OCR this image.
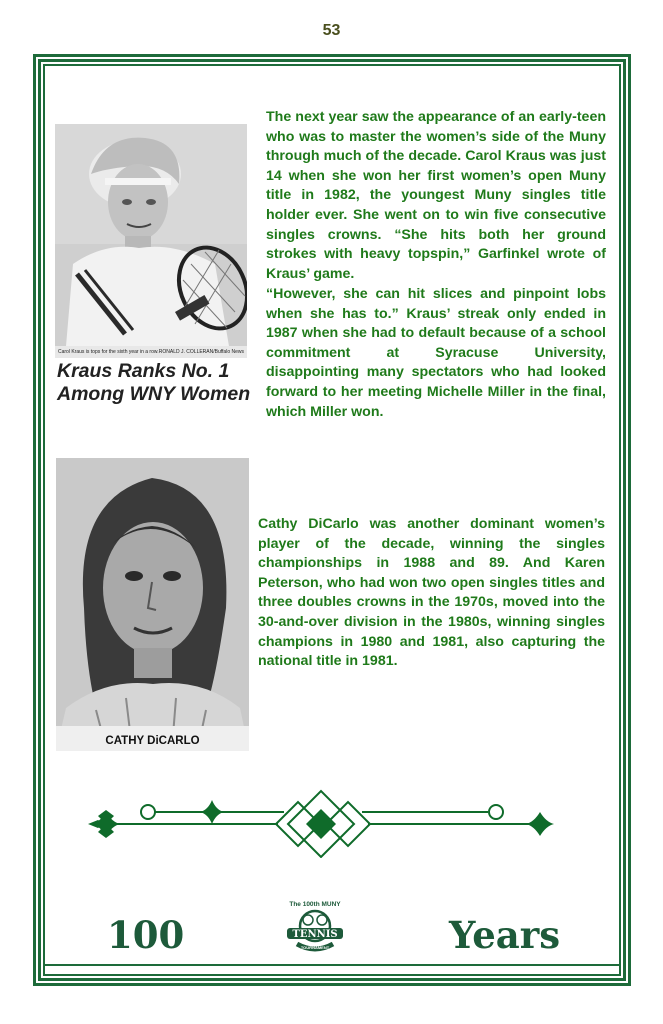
53
Carol Kraus is tops for the sixth year in a row. RONALD J. COLLERAN/Buffalo News
Kraus Ranks No. 1
Among WNY Women

The next year saw the appearance of an early-teen who was to master the women’s side of the Muny through much of the decade. Carol Kraus was just 14 when she won her first women’s open Muny title in 1982, the youngest Muny singles title holder ever. She went on to win five consecutive singles crowns. “She hits both her ground strokes with heavy topspin,” Garfinkel wrote of Kraus’ game.

“However, she can hit slices and pinpoint lobs when she has to.” Kraus’ streak only ended in 1987 when she had to default because of a school commitment at Syracuse University, disappointing many spectators who had looked forward to her meeting Michelle Miller in the final, which Miller won.

CATHY DiCARLO

Cathy DiCarlo was another dominant women’s player of the decade, winning the singles championships in 1988 and 89. And Karen Peterson, who had won two open singles titles and three doubles crowns in the 1970s, moved into the 30-and-over division in the 1980s, winning singles champions in 1980 and 1981, also capturing the national title in 1981.

100	Years
The 100th MUNY
TENNIS
TOURNAMENT
